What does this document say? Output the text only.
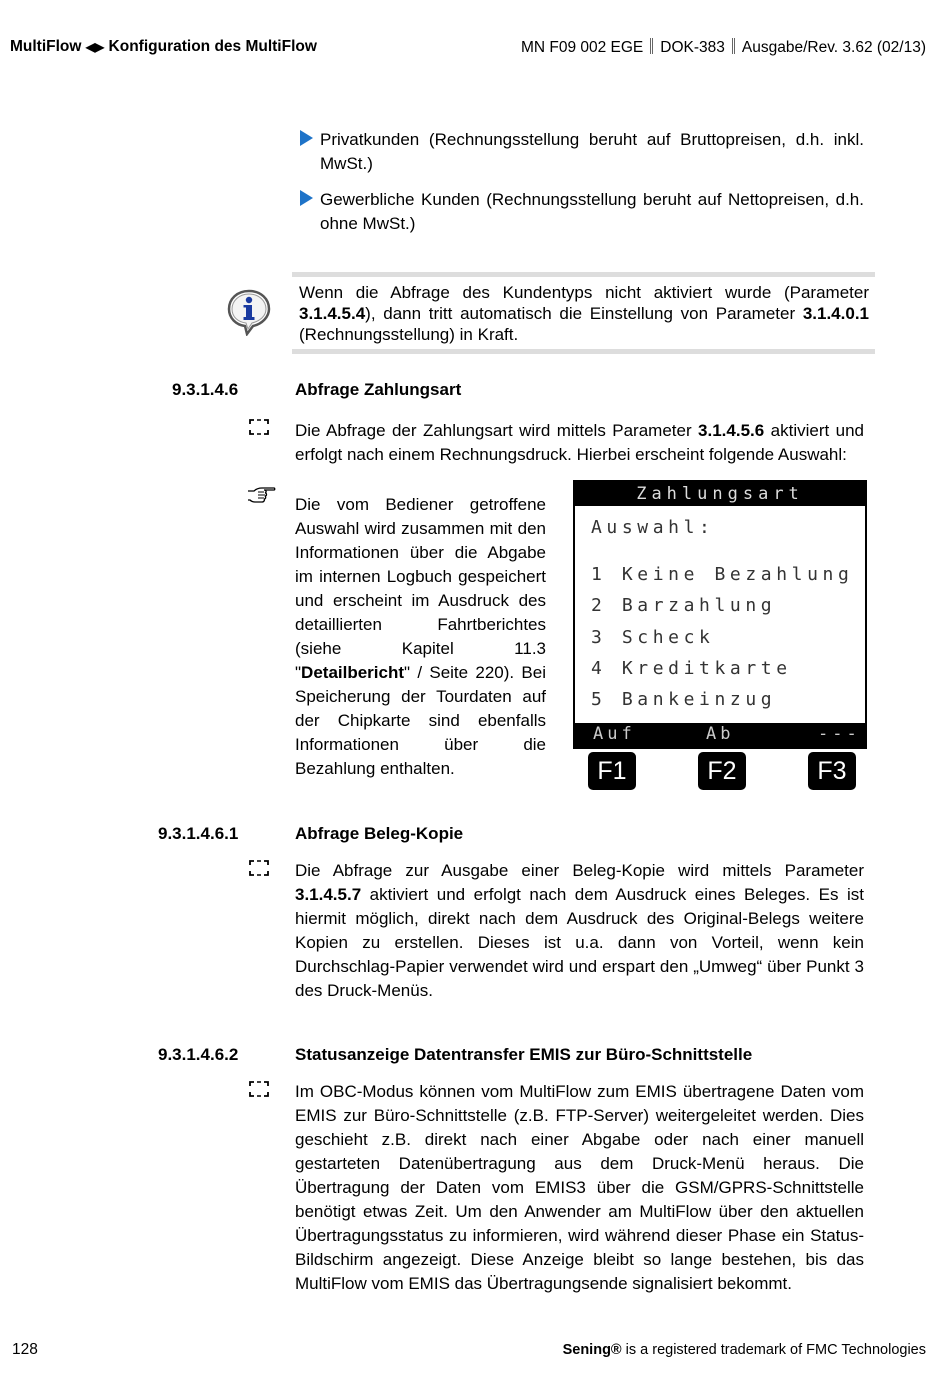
MultiFlow ◀▶ Konfiguration des MultiFlow	MN F09 002 EGE DOK-383 Ausgabe/Rev. 3.62 (02/13)
Privatkunden (Rechnungsstellung beruht auf Bruttopreisen, d.h. inkl. MwSt.)
Gewerbliche Kunden (Rechnungsstellung beruht auf Nettopreisen, d.h. ohne MwSt.)
Wenn die Abfrage des Kundentyps nicht aktiviert wurde (Parameter 3.1.4.5.4), dann tritt automatisch die Einstellung von Parameter 3.1.4.0.1 (Rechnungsstellung) in Kraft.
9.3.1.4.6	Abfrage Zahlungsart
Die Abfrage der Zahlungsart wird mittels Parameter 3.1.4.5.6 aktiviert und erfolgt nach einem Rechnungsdruck. Hierbei erscheint folgende Auswahl:
Die vom Bediener getroffene Auswahl wird zusammen mit den Informationen über die Abgabe im internen Logbuch gespeichert und erscheint im Ausdruck des detaillierten Fahrtberichtes (siehe Kapitel 11.3 "Detailbericht" / Seite 220). Bei Speicherung der Tourdaten auf der Chipkarte sind ebenfalls Informationen über die Bezahlung enthalten.
Zahlungsart
Auswahl:
1 Keine Bezahlung
2 Barzahlung
3 Scheck
4 Kreditkarte
5 Bankeinzug
Auf	Ab	---
F1	F2	F3
9.3.1.4.6.1	Abfrage Beleg-Kopie
Die Abfrage zur Ausgabe einer Beleg-Kopie wird mittels Parameter 3.1.4.5.7 aktiviert und erfolgt nach dem Ausdruck eines Beleges. Es ist hiermit möglich, direkt nach dem Ausdruck des Original-Belegs weitere Kopien zu erstellen. Dieses ist u.a. dann von Vorteil, wenn kein Durchschlag-Papier verwendet wird und erspart den „Umweg“ über Punkt 3 des Druck-Menüs.
9.3.1.4.6.2	Statusanzeige Datentransfer EMIS zur Büro-Schnittstelle
Im OBC-Modus können vom MultiFlow zum EMIS übertragene Daten vom EMIS zur Büro-Schnittstelle (z.B. FTP-Server) weitergeleitet werden. Dies geschieht z.B. direkt nach einer Abgabe oder nach einer manuell gestarteten Datenübertragung aus dem Druck-Menü heraus. Die Übertragung der Daten vom EMIS3 über die GSM/GPRS-Schnittstelle benötigt etwas Zeit. Um den Anwender am MultiFlow über den aktuellen Übertragungsstatus zu informieren, wird während dieser Phase ein Status-Bildschirm angezeigt. Diese Anzeige bleibt so lange bestehen, bis das MultiFlow vom EMIS das Übertragungsende signalisiert bekommt.
128	Sening® is a registered trademark of FMC Technologies
